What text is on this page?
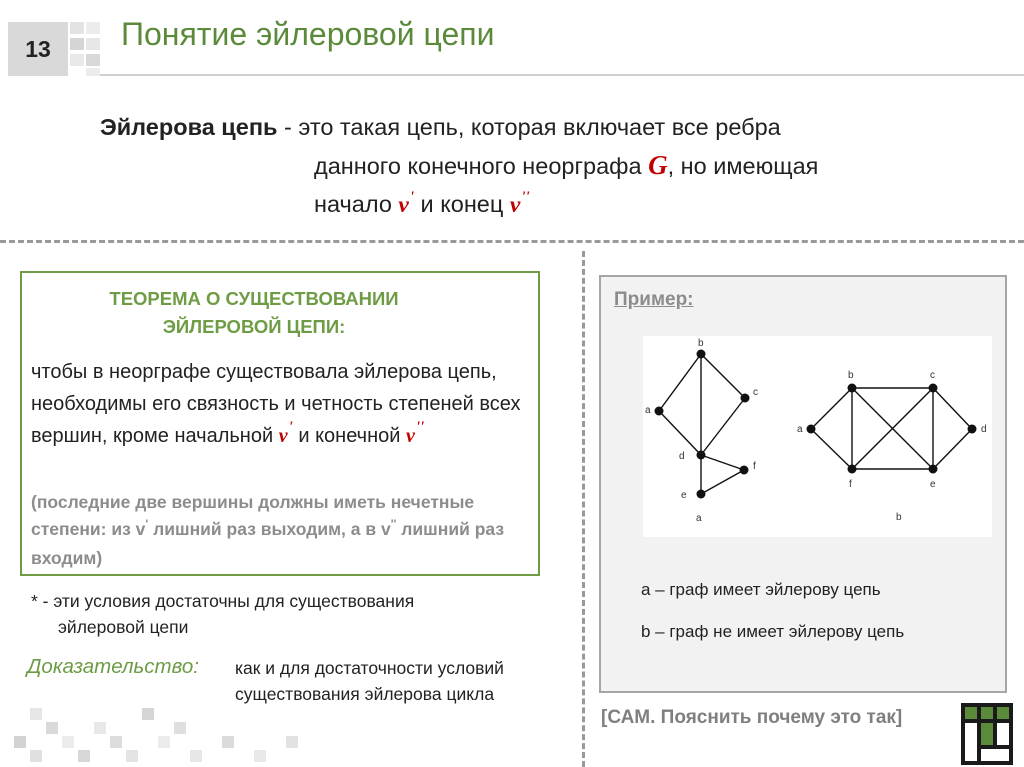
13	Понятие эйлеровой цепи
Эйлерова цепь - это такая цепь, которая включает все ребра
данного конечного неорграфа G, но имеющая
начало v' и конец v''
ТЕОРЕМА О СУЩЕСТВОВАНИИ
ЭЙЛЕРОВОЙ ЦЕПИ:
чтобы в неорграфе существовала эйлерова цепь, необходимы его связность и четность степеней всех вершин, кроме начальной v' и конечной v''
(последние две вершины должны иметь нечетные степени: из v' лишний раз выходим, а в v'' лишний раз входим)
* - эти условия достаточны для существования
эйлеровой цепи
Доказательство: как и для достаточности условий
существования эйлерова цикла
Пример:
a
b
c
d
e
f
a
a
b	c
d
e
f
b
a – граф имеет эйлерову цепь
b – граф не имеет эйлерову цепь
[САМ. Пояснить почему это так]
